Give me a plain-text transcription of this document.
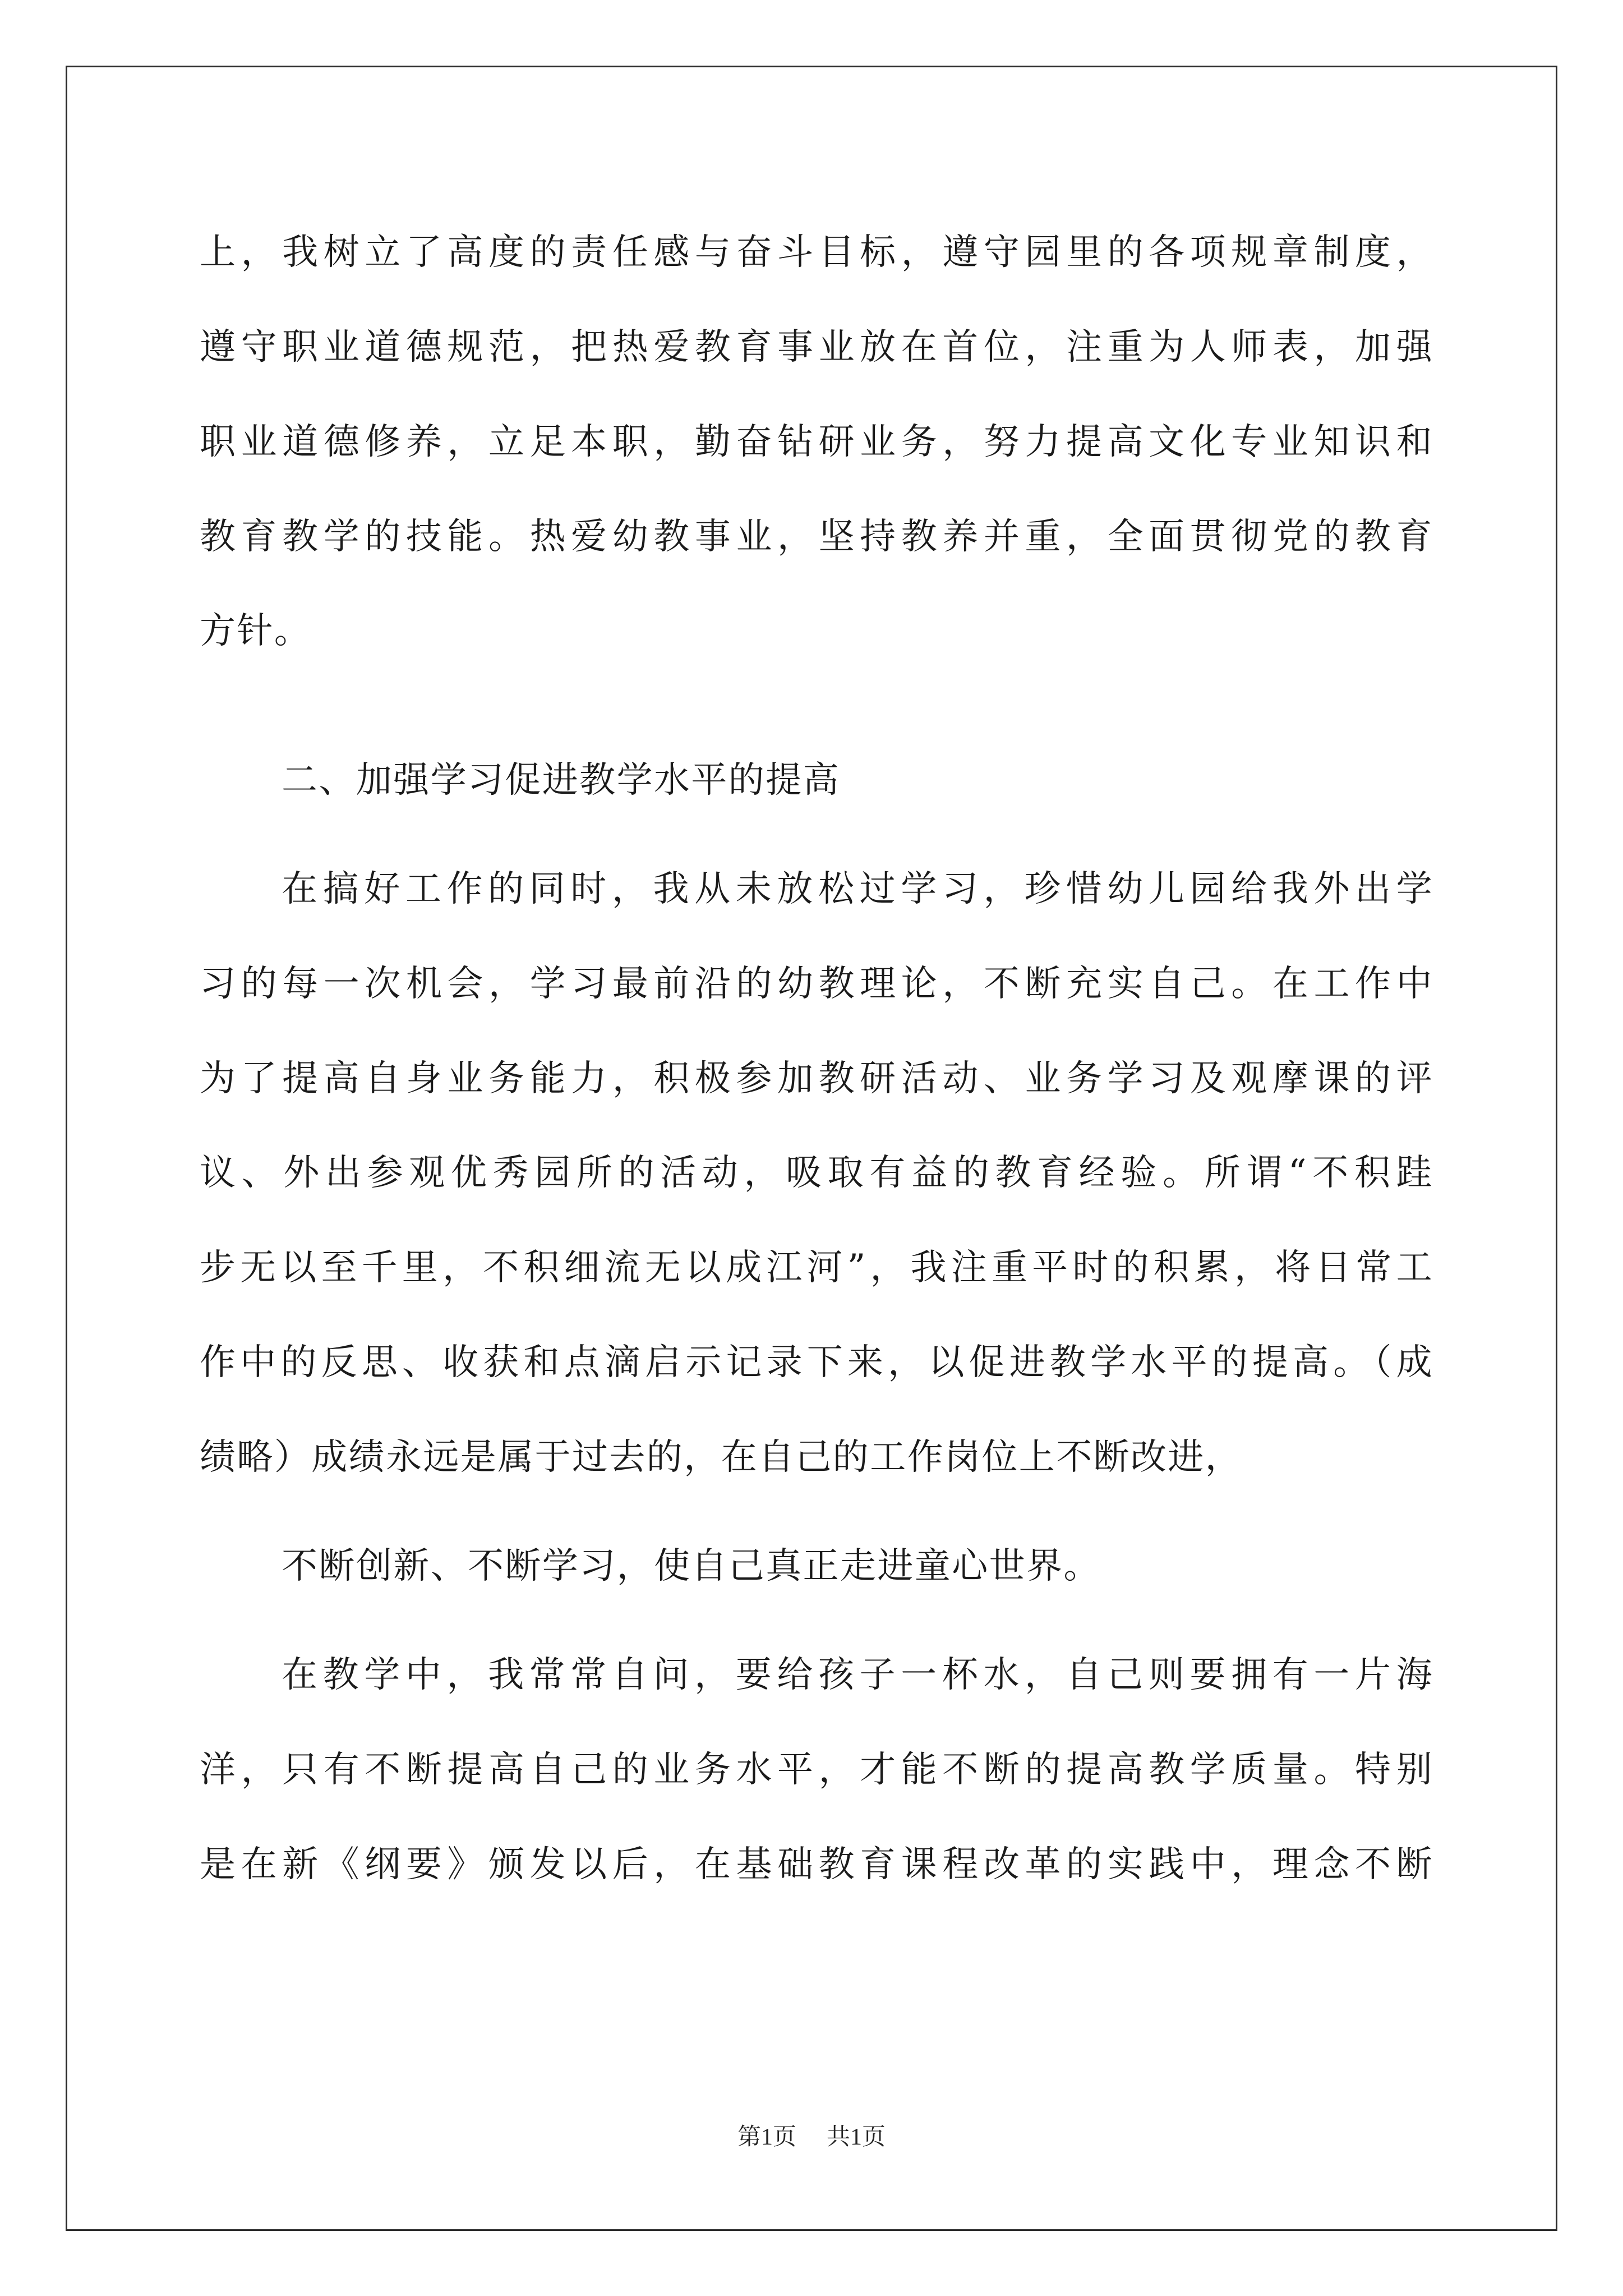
上，我树立了高度的责任感与奋斗目标，遵守园里的各项规章制度，
遵守职业道德规范，把热爱教育事业放在首位，注重为人师表，加强
职业道德修养，立足本职，勤奋钻研业务，努力提高文化专业知识和
教育教学的技能。热爱幼教事业，坚持教养并重，全面贯彻党的教育
方针。
二、加强学习促进教学水平的提高
在搞好工作的同时，我从未放松过学习，珍惜幼儿园给我外出学
习的每一次机会，学习最前沿的幼教理论，不断充实自己。在工作中
为了提高自身业务能力，积极参加教研活动、业务学习及观摩课的评
议、外出参观优秀园所的活动，吸取有益的教育经验。所谓“不积跬
步无以至千里，不积细流无以成江河”，我注重平时的积累，将日常工
作中的反思、收获和点滴启示记录下来，以促进教学水平的提高。（成
绩略）成绩永远是属于过去的，在自己的工作岗位上不断改进，
不断创新、不断学习，使自己真正走进童心世界。
在教学中，我常常自问，要给孩子一杯水，自己则要拥有一片海
洋，只有不断提高自己的业务水平，才能不断的提高教学质量。特别
是在新《纲要》颁发以后，在基础教育课程改革的实践中，理念不断
第1页 共1页
